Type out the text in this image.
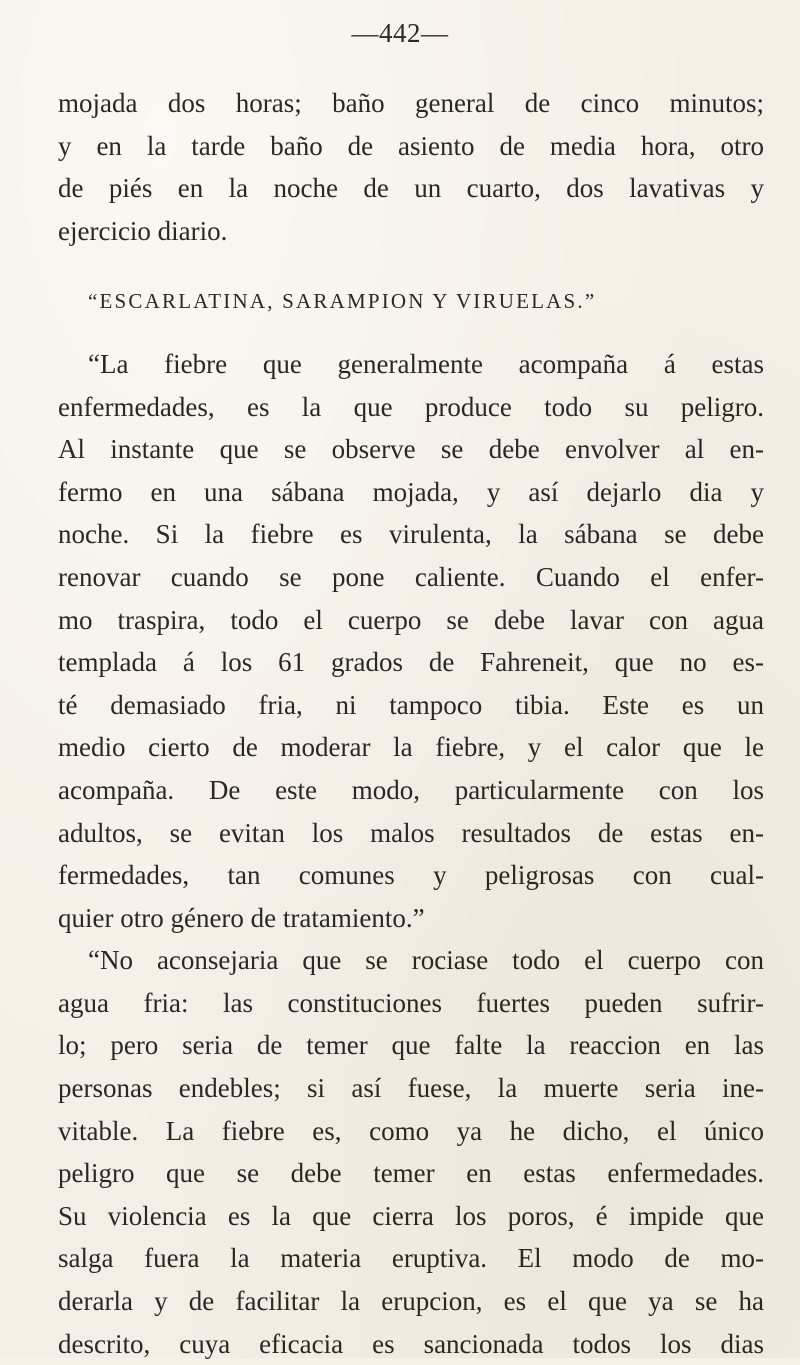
—442—
mojada dos horas; baño general de cinco minutos;
y en la tarde baño de asiento de media hora, otro
de piés en la noche de un cuarto, dos lavativas y
ejercicio diario.
“ESCARLATINA, SARAMPION Y VIRUELAS.”
“La fiebre que generalmente acompaña á estas
enfermedades, es la que produce todo su peligro.
Al instante que se observe se debe envolver al en-
fermo en una sábana mojada, y así dejarlo dia y
noche. Si la fiebre es virulenta, la sábana se debe
renovar cuando se pone caliente. Cuando el enfer-
mo traspira, todo el cuerpo se debe lavar con agua
templada á los 61 grados de Fahreneit, que no es-
té demasiado fria, ni tampoco tibia. Este es un
medio cierto de moderar la fiebre, y el calor que le
acompaña. De este modo, particularmente con los
adultos, se evitan los malos resultados de estas en-
fermedades, tan comunes y peligrosas con cual-
quier otro género de tratamiento.”
“No aconsejaria que se rociase todo el cuerpo con
agua fria: las constituciones fuertes pueden sufrir-
lo; pero seria de temer que falte la reaccion en las
personas endebles; si así fuese, la muerte seria ine-
vitable. La fiebre es, como ya he dicho, el único
peligro que se debe temer en estas enfermedades.
Su violencia es la que cierra los poros, é impide que
salga fuera la materia eruptiva. El modo de mo-
derarla y de facilitar la erupcion, es el que ya se ha
descrito, cuya eficacia es sancionada todos los dias
